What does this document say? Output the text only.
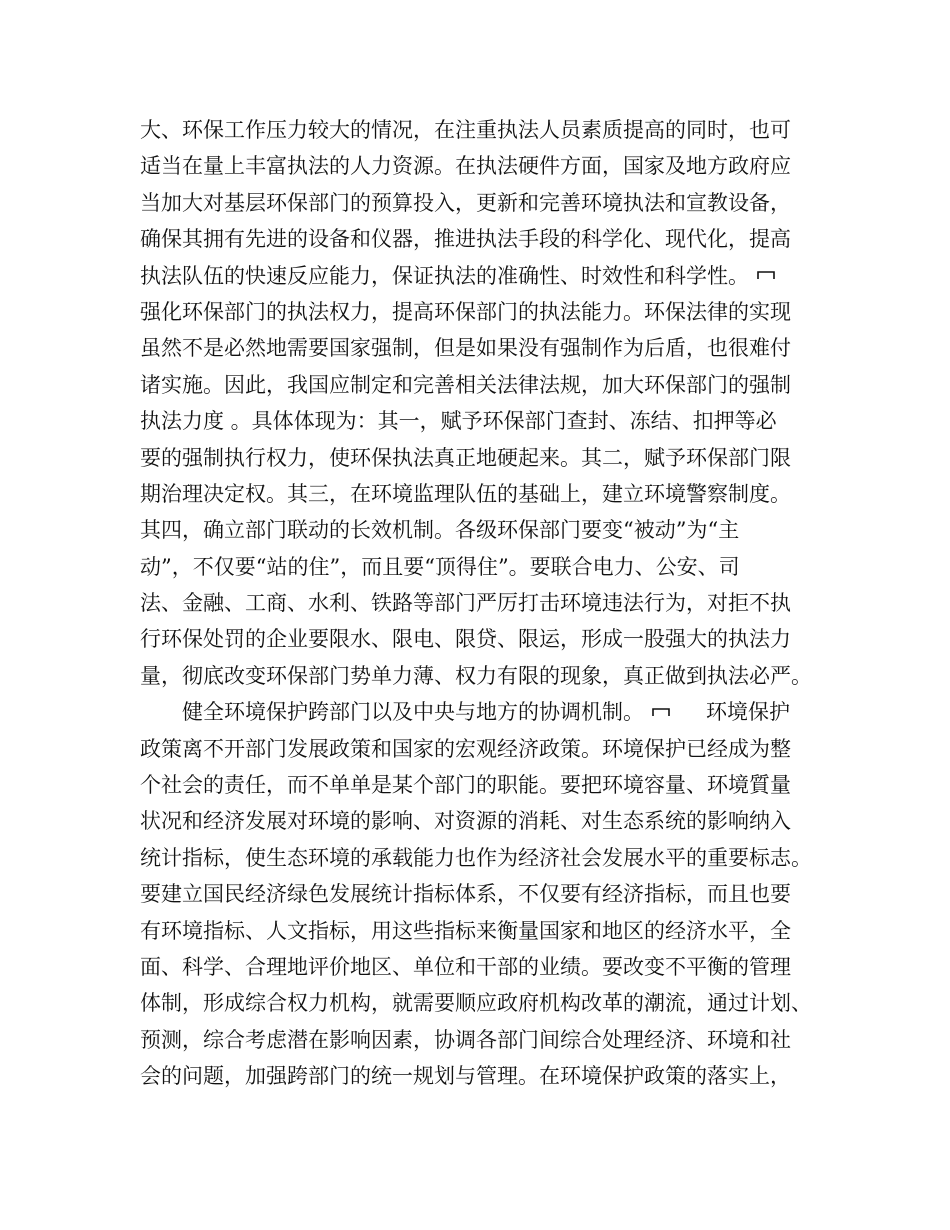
大、环保工作压力较大的情况，在注重执法人员素质提高的同时，也可
适当在量上丰富执法的人力资源。在执法硬件方面，国家及地方政府应
当加大对基层环保部门的预算投入，更新和完善环境执法和宣教设备，
确保其拥有先进的设备和仪器，推进执法手段的科学化、现代化，提高
执法队伍的快速反应能力，保证执法的准确性、时效性和科学性。
强化环保部门的执法权力，提高环保部门的执法能力。环保法律的实现
虽然不是必然地需要国家强制，但是如果没有强制作为后盾，也很难付
诸实施。因此，我国应制定和完善相关法律法规，加大环保部门的强制
执法力度 。具体体现为：其一，赋予环保部门查封、冻结、扣押等必
要的强制执行权力，使环保执法真正地硬起来。其二，赋予环保部门限
期治理决定权。其三，在环境监理队伍的基础上，建立环境警察制度。
其四，确立部门联动的长效机制。各级环保部门要变“被动”为“主
动”，不仅要“站的住”，而且要“顶得住”。要联合电力、公安、司
法、金融、工商、水利、铁路等部门严厉打击环境违法行为，对拒不执
行环保处罚的企业要限水、限电、限贷、限运，形成一股强大的执法力
量，彻底改变环保部门势单力薄、权力有限的现象，真正做到执法必严。
健全环境保护跨部门以及中央与地方的协调机制。	环境保护
政策离不开部门发展政策和国家的宏观经济政策。环境保护已经成为整
个社会的责任，而不单单是某个部门的职能。要把环境容量、环境質量
状况和经济发展对环境的影响、对资源的消耗、对生态系统的影响纳入
统计指标，使生态环境的承载能力也作为经济社会发展水平的重要标志。
要建立国民经济绿色发展统计指标体系，不仅要有经济指标，而且也要
有环境指标、人文指标，用这些指标来衡量国家和地区的经济水平，全
面、科学、合理地评价地区、单位和干部的业绩。要改变不平衡的管理
体制，形成综合权力机构，就需要顺应政府机构改革的潮流，通过计划、
预测，综合考虑潜在影响因素，协调各部门间综合处理经济、环境和社
会的问题，加强跨部门的统一规划与管理。在环境保护政策的落实上，
